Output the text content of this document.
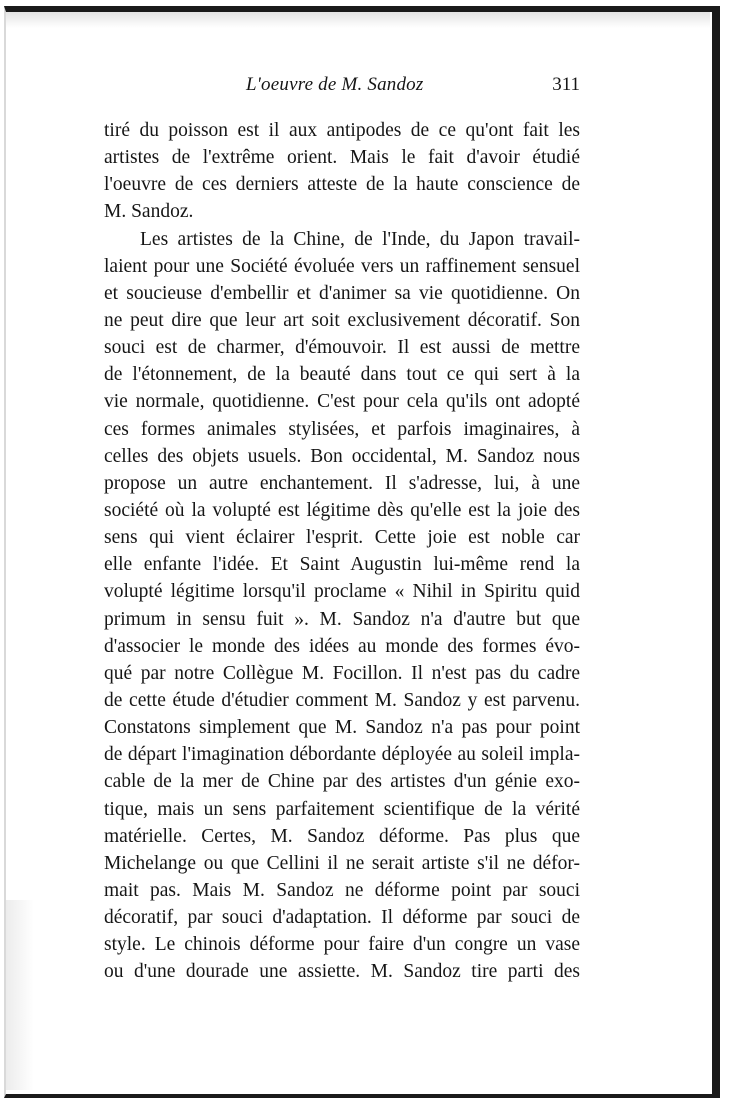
L'oeuvre de M. Sandoz	311
tiré du poisson est il aux antipodes de ce qu'ont fait les
artistes de l'extrême orient. Mais le fait d'avoir étudié
l'oeuvre de ces derniers atteste de la haute conscience de
M. Sandoz.
Les artistes de la Chine, de l'Inde, du Japon travail-
laient pour une Société évoluée vers un raffinement sensuel
et soucieuse d'embellir et d'animer sa vie quotidienne. On
ne peut dire que leur art soit exclusivement décoratif. Son
souci est de charmer, d'émouvoir. Il est aussi de mettre
de l'étonnement, de la beauté dans tout ce qui sert à la
vie normale, quotidienne. C'est pour cela qu'ils ont adopté
ces formes animales stylisées, et parfois imaginaires, à
celles des objets usuels. Bon occidental, M. Sandoz nous
propose un autre enchantement. Il s'adresse, lui, à une
société où la volupté est légitime dès qu'elle est la joie des
sens qui vient éclairer l'esprit. Cette joie est noble car
elle enfante l'idée. Et Saint Augustin lui-même rend la
volupté légitime lorsqu'il proclame « Nihil in Spiritu quid
primum in sensu fuit ». M. Sandoz n'a d'autre but que
d'associer le monde des idées au monde des formes évo-
qué par notre Collègue M. Focillon. Il n'est pas du cadre
de cette étude d'étudier comment M. Sandoz y est parvenu.
Constatons simplement que M. Sandoz n'a pas pour point
de départ l'imagination débordante déployée au soleil impla-
cable de la mer de Chine par des artistes d'un génie exo-
tique, mais un sens parfaitement scientifique de la vérité
matérielle. Certes, M. Sandoz déforme. Pas plus que
Michelange ou que Cellini il ne serait artiste s'il ne défor-
mait pas. Mais M. Sandoz ne déforme point par souci
décoratif, par souci d'adaptation. Il déforme par souci de
style. Le chinois déforme pour faire d'un congre un vase
ou d'une dourade une assiette. M. Sandoz tire parti des
